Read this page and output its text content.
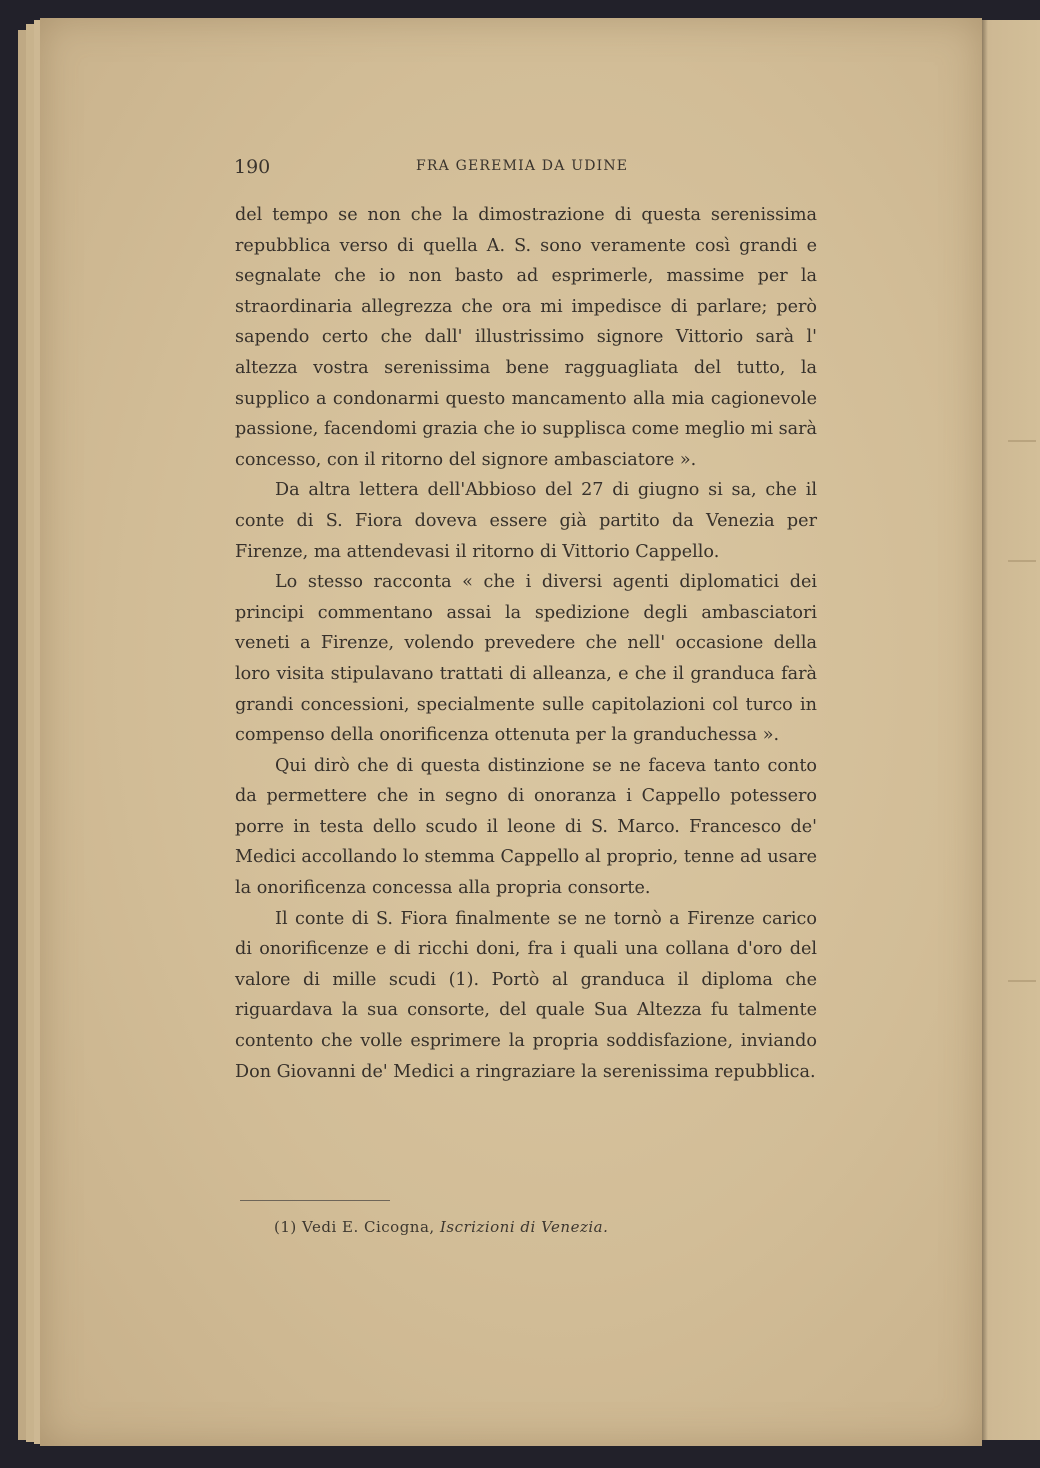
190	FRA GEREMIA DA UDINE

del tempo se non che la dimostrazione di questa serenissima repubblica verso di quella A. S. sono veramente così grandi e segnalate che io non basto ad esprimerle, massime per la straordinaria allegrezza che ora mi impedisce di parlare; però sapendo certo che dall' illustrissimo signore Vittorio sarà l' altezza vostra serenissima bene ragguagliata del tutto, la supplico a condonarmi questo mancamento alla mia cagionevole passione, facendomi grazia che io supplisca come meglio mi sarà concesso, con il ritorno del signore ambasciatore ».

Da altra lettera dell'Abbioso del 27 di giugno si sa, che il conte di S. Fiora doveva essere già partito da Venezia per Firenze, ma attendevasi il ritorno di Vittorio Cappello.

Lo stesso racconta « che i diversi agenti diplomatici dei principi commentano assai la spedizione degli ambasciatori veneti a Firenze, volendo prevedere che nell' occasione della loro visita stipulavano trattati di alleanza, e che il granduca farà grandi concessioni, specialmente sulle capitolazioni col turco in compenso della onorificenza ottenuta per la granduchessa ».

Qui dirò che di questa distinzione se ne faceva tanto conto da permettere che in segno di onoranza i Cappello potessero porre in testa dello scudo il leone di S. Marco. Francesco de' Medici accollando lo stemma Cappello al proprio, tenne ad usare la onorificenza concessa alla propria consorte.

Il conte di S. Fiora finalmente se ne tornò a Firenze carico di onorificenze e di ricchi doni, fra i quali una collana d'oro del valore di mille scudi (1). Portò al granduca il diploma che riguardava la sua consorte, del quale Sua Altezza fu talmente contento che volle esprimere la propria soddisfazione, inviando Don Giovanni de' Medici a ringraziare la serenissima repubblica.

(1) Vedi E. Cicogna, Iscrizioni di Venezia.
